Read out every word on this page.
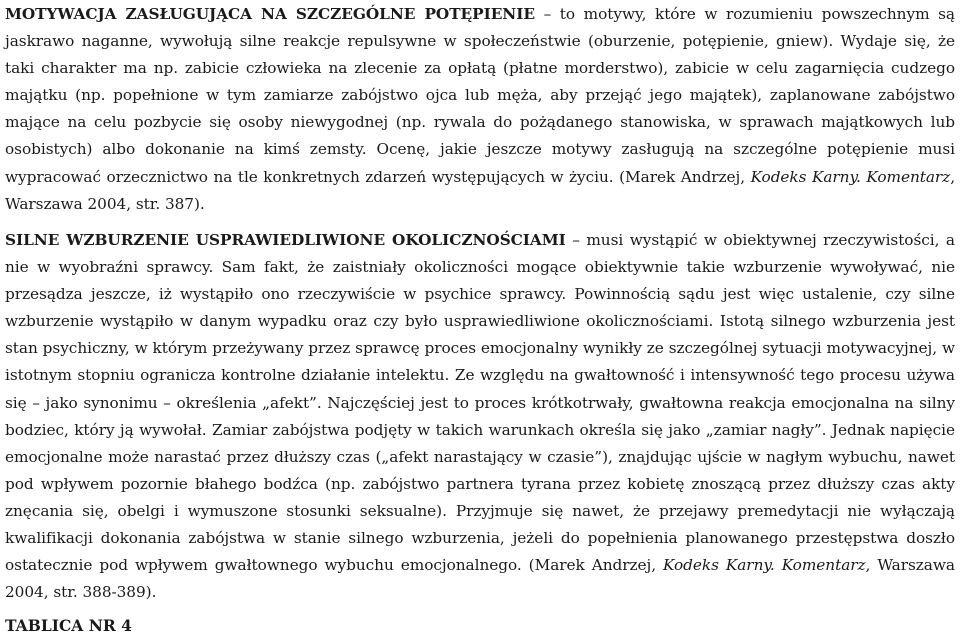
MOTYWACJA ZASŁUGUJĄCA NA SZCZEGÓLNE POTĘPIENIE – to motywy, które w rozumieniu powszechnym są jaskrawo naganne, wywołują silne reakcje repulsywne w społeczeństwie (oburzenie, potępienie, gniew). Wydaje się, że taki charakter ma np. zabicie człowieka na zlecenie za opłatą (płatne morderstwo), zabicie w celu zagarnięcia cudzego majątku (np. popełnione w tym zamiarze zabójstwo ojca lub męża, aby przejąć jego majątek), zaplanowane zabójstwo mające na celu pozbycie się osoby niewygodnej (np. rywala do pożądanego stanowiska, w sprawach majątkowych lub osobistych) albo dokonanie na kimś zemsty. Ocenę, jakie jeszcze motywy zasługują na szczególne potępienie musi wypracować orzecznictwo na tle konkretnych zdarzeń występujących w życiu. (Marek Andrzej, Kodeks Karny. Komentarz, Warszawa 2004, str. 387).

SILNE WZBURZENIE USPRAWIEDLIWIONE OKOLICZNOŚCIAMI – musi wystąpić w obiektywnej rzeczywistości, a nie w wyobraźni sprawcy. Sam fakt, że zaistniały okoliczności mogące obiektywnie takie wzburzenie wywoływać, nie przesądza jeszcze, iż wystąpiło ono rzeczywiście w psychice sprawcy. Powinnością sądu jest więc ustalenie, czy silne wzburzenie wystąpiło w danym wypadku oraz czy było usprawiedliwione okolicznościami. Istotą silnego wzburzenia jest stan psychiczny, w którym przeżywany przez sprawcę proces emocjonalny wynikły ze szczególnej sytuacji motywacyjnej, w istotnym stopniu ogranicza kontrolne działanie intelektu. Ze względu na gwałtowność i intensywność tego procesu używa się – jako synonimu – określenia „afekt”. Najczęściej jest to proces krótkotrwały, gwałtowna reakcja emocjonalna na silny bodziec, który ją wywołał. Zamiar zabójstwa podjęty w takich warunkach określa się jako „zamiar nagły”. Jednak napięcie emocjonalne może narastać przez dłuższy czas („afekt narastający w czasie”), znajdując ujście w nagłym wybuchu, nawet pod wpływem pozornie błahego bodźca (np. zabójstwo partnera tyrana przez kobietę znoszącą przez dłuższy czas akty znęcania się, obelgi i wymuszone stosunki seksualne). Przyjmuje się nawet, że przejawy premedytacji nie wyłączają kwalifikacji dokonania zabójstwa w stanie silnego wzburzenia, jeżeli do popełnienia planowanego przestępstwa doszło ostatecznie pod wpływem gwałtownego wybuchu emocjonalnego. (Marek Andrzej, Kodeks Karny. Komentarz, Warszawa 2004, str. 388-389).

TABLICA NR 4
